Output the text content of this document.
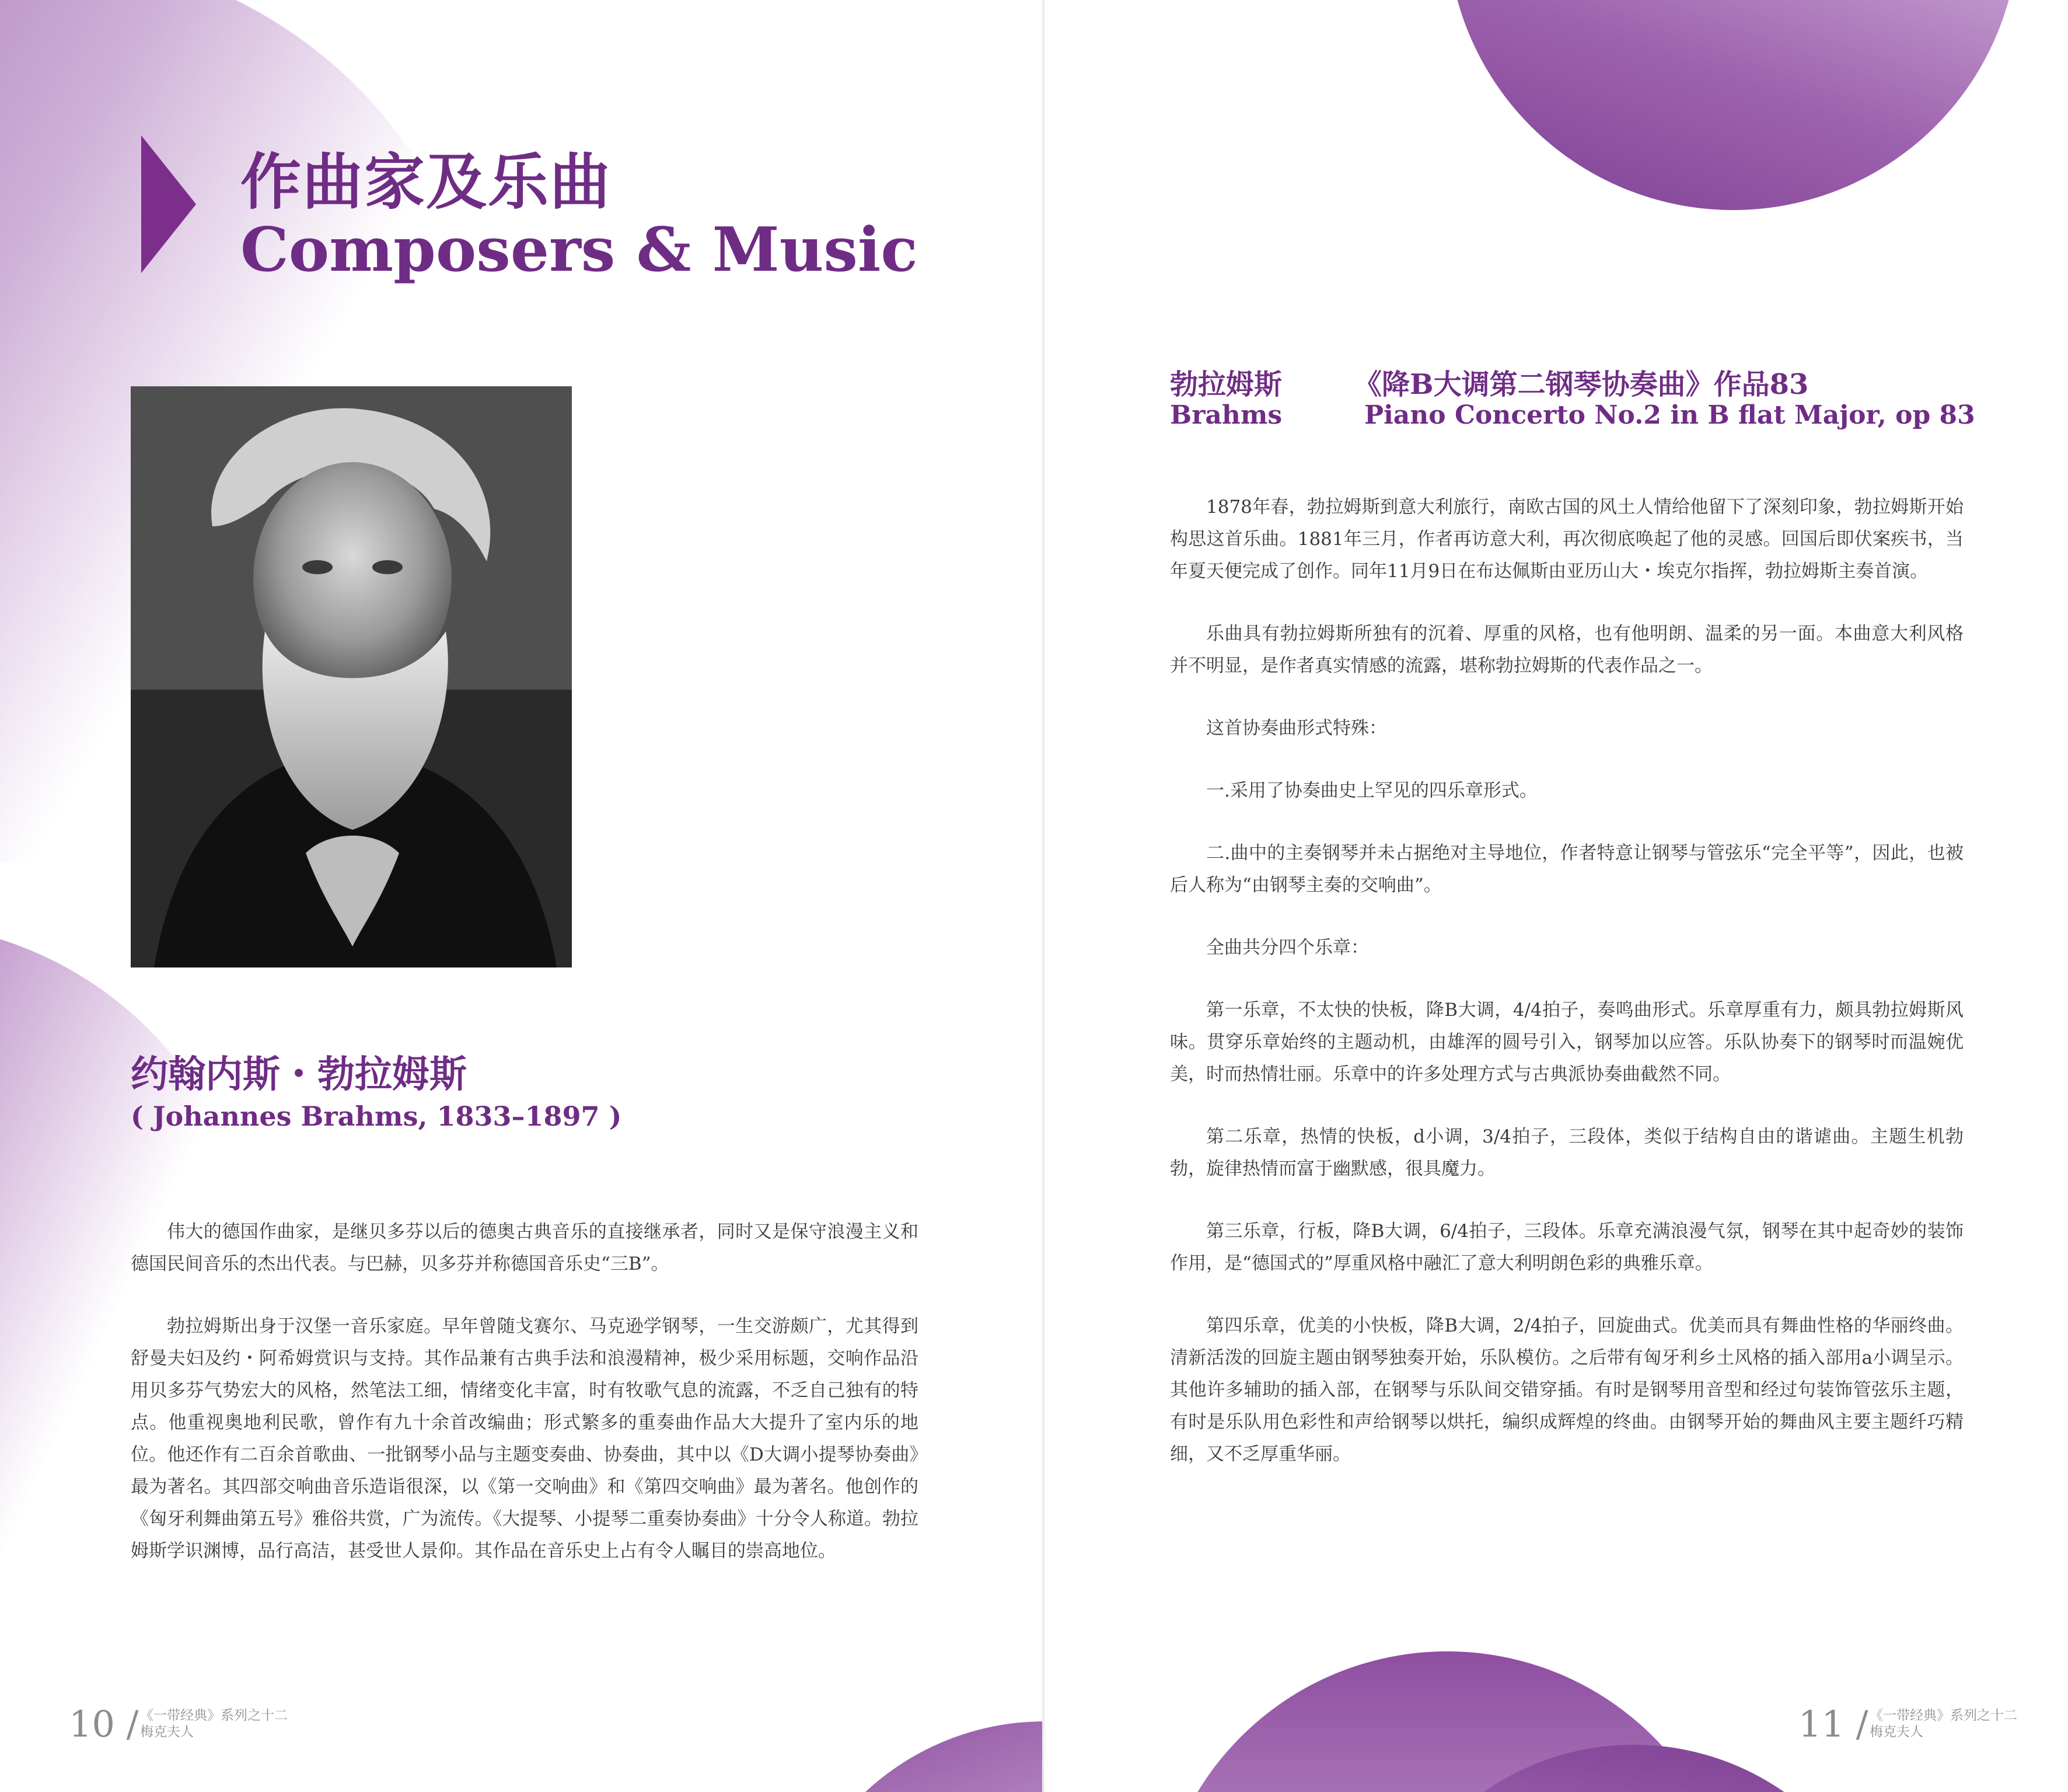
作曲家及乐曲
Composers & Music
约翰内斯・勃拉姆斯
( Johannes Brahms, 1833–1897 )

伟大的德国作曲家，是继贝多芬以后的德奥古典音乐的直接继承者，同时又是保守浪漫主义和德国民间音乐的杰出代表。与巴赫，贝多芬并称德国音乐史“三B”。

勃拉姆斯出身于汉堡一音乐家庭。早年曾随戈赛尔、马克逊学钢琴，一生交游颇广，尤其得到舒曼夫妇及约・阿希姆赏识与支持。其作品兼有古典手法和浪漫精神，极少采用标题，交响作品沿用贝多芬气势宏大的风格，然笔法工细，情绪变化丰富，时有牧歌气息的流露，不乏自己独有的特点。他重视奥地利民歌，曾作有九十余首改编曲；形式繁多的重奏曲作品大大提升了室内乐的地位。他还作有二百余首歌曲、一批钢琴小品与主题变奏曲、协奏曲，其中以《D大调小提琴协奏曲》最为著名。其四部交响曲音乐造诣很深，以《第一交响曲》和《第四交响曲》最为著名。他创作的《匈牙利舞曲第五号》雅俗共赏，广为流传。《大提琴、小提琴二重奏协奏曲》十分令人称道。勃拉姆斯学识渊博，品行高洁，甚受世人景仰。其作品在音乐史上占有令人瞩目的崇高地位。

10 / 《一带经典》系列之十二
梅克夫人
勃拉姆斯	《降B大调第二钢琴协奏曲》作品83
Brahms	Piano Concerto No.2 in B flat Major, op 83

1878年春，勃拉姆斯到意大利旅行，南欧古国的风土人情给他留下了深刻印象，勃拉姆斯开始构思这首乐曲。1881年三月，作者再访意大利，再次彻底唤起了他的灵感。回国后即伏案疾书，当年夏天便完成了创作。同年11月9日在布达佩斯由亚历山大・埃克尔指挥，勃拉姆斯主奏首演。

乐曲具有勃拉姆斯所独有的沉着、厚重的风格，也有他明朗、温柔的另一面。本曲意大利风格并不明显，是作者真实情感的流露，堪称勃拉姆斯的代表作品之一。

这首协奏曲形式特殊：

一.采用了协奏曲史上罕见的四乐章形式。

二.曲中的主奏钢琴并未占据绝对主导地位，作者特意让钢琴与管弦乐“完全平等”，因此，也被后人称为“由钢琴主奏的交响曲”。

全曲共分四个乐章：

第一乐章，不太快的快板，降B大调，4/4拍子，奏鸣曲形式。乐章厚重有力，颇具勃拉姆斯风味。贯穿乐章始终的主题动机，由雄浑的圆号引入，钢琴加以应答。乐队协奏下的钢琴时而温婉优美，时而热情壮丽。乐章中的许多处理方式与古典派协奏曲截然不同。

第二乐章，热情的快板，d小调，3/4拍子，三段体，类似于结构自由的谐谑曲。主题生机勃勃，旋律热情而富于幽默感，很具魔力。

第三乐章，行板，降B大调，6/4拍子，三段体。乐章充满浪漫气氛，钢琴在其中起奇妙的装饰作用，是“德国式的”厚重风格中融汇了意大利明朗色彩的典雅乐章。

第四乐章，优美的小快板，降B大调，2/4拍子，回旋曲式。优美而具有舞曲性格的华丽终曲。清新活泼的回旋主题由钢琴独奏开始，乐队模仿。之后带有匈牙利乡土风格的插入部用a小调呈示。其他许多辅助的插入部，在钢琴与乐队间交错穿插。有时是钢琴用音型和经过句装饰管弦乐主题，有时是乐队用色彩性和声给钢琴以烘托，编织成辉煌的终曲。由钢琴开始的舞曲风主要主题纤巧精细，又不乏厚重华丽。

11 / 《一带经典》系列之十二
梅克夫人
